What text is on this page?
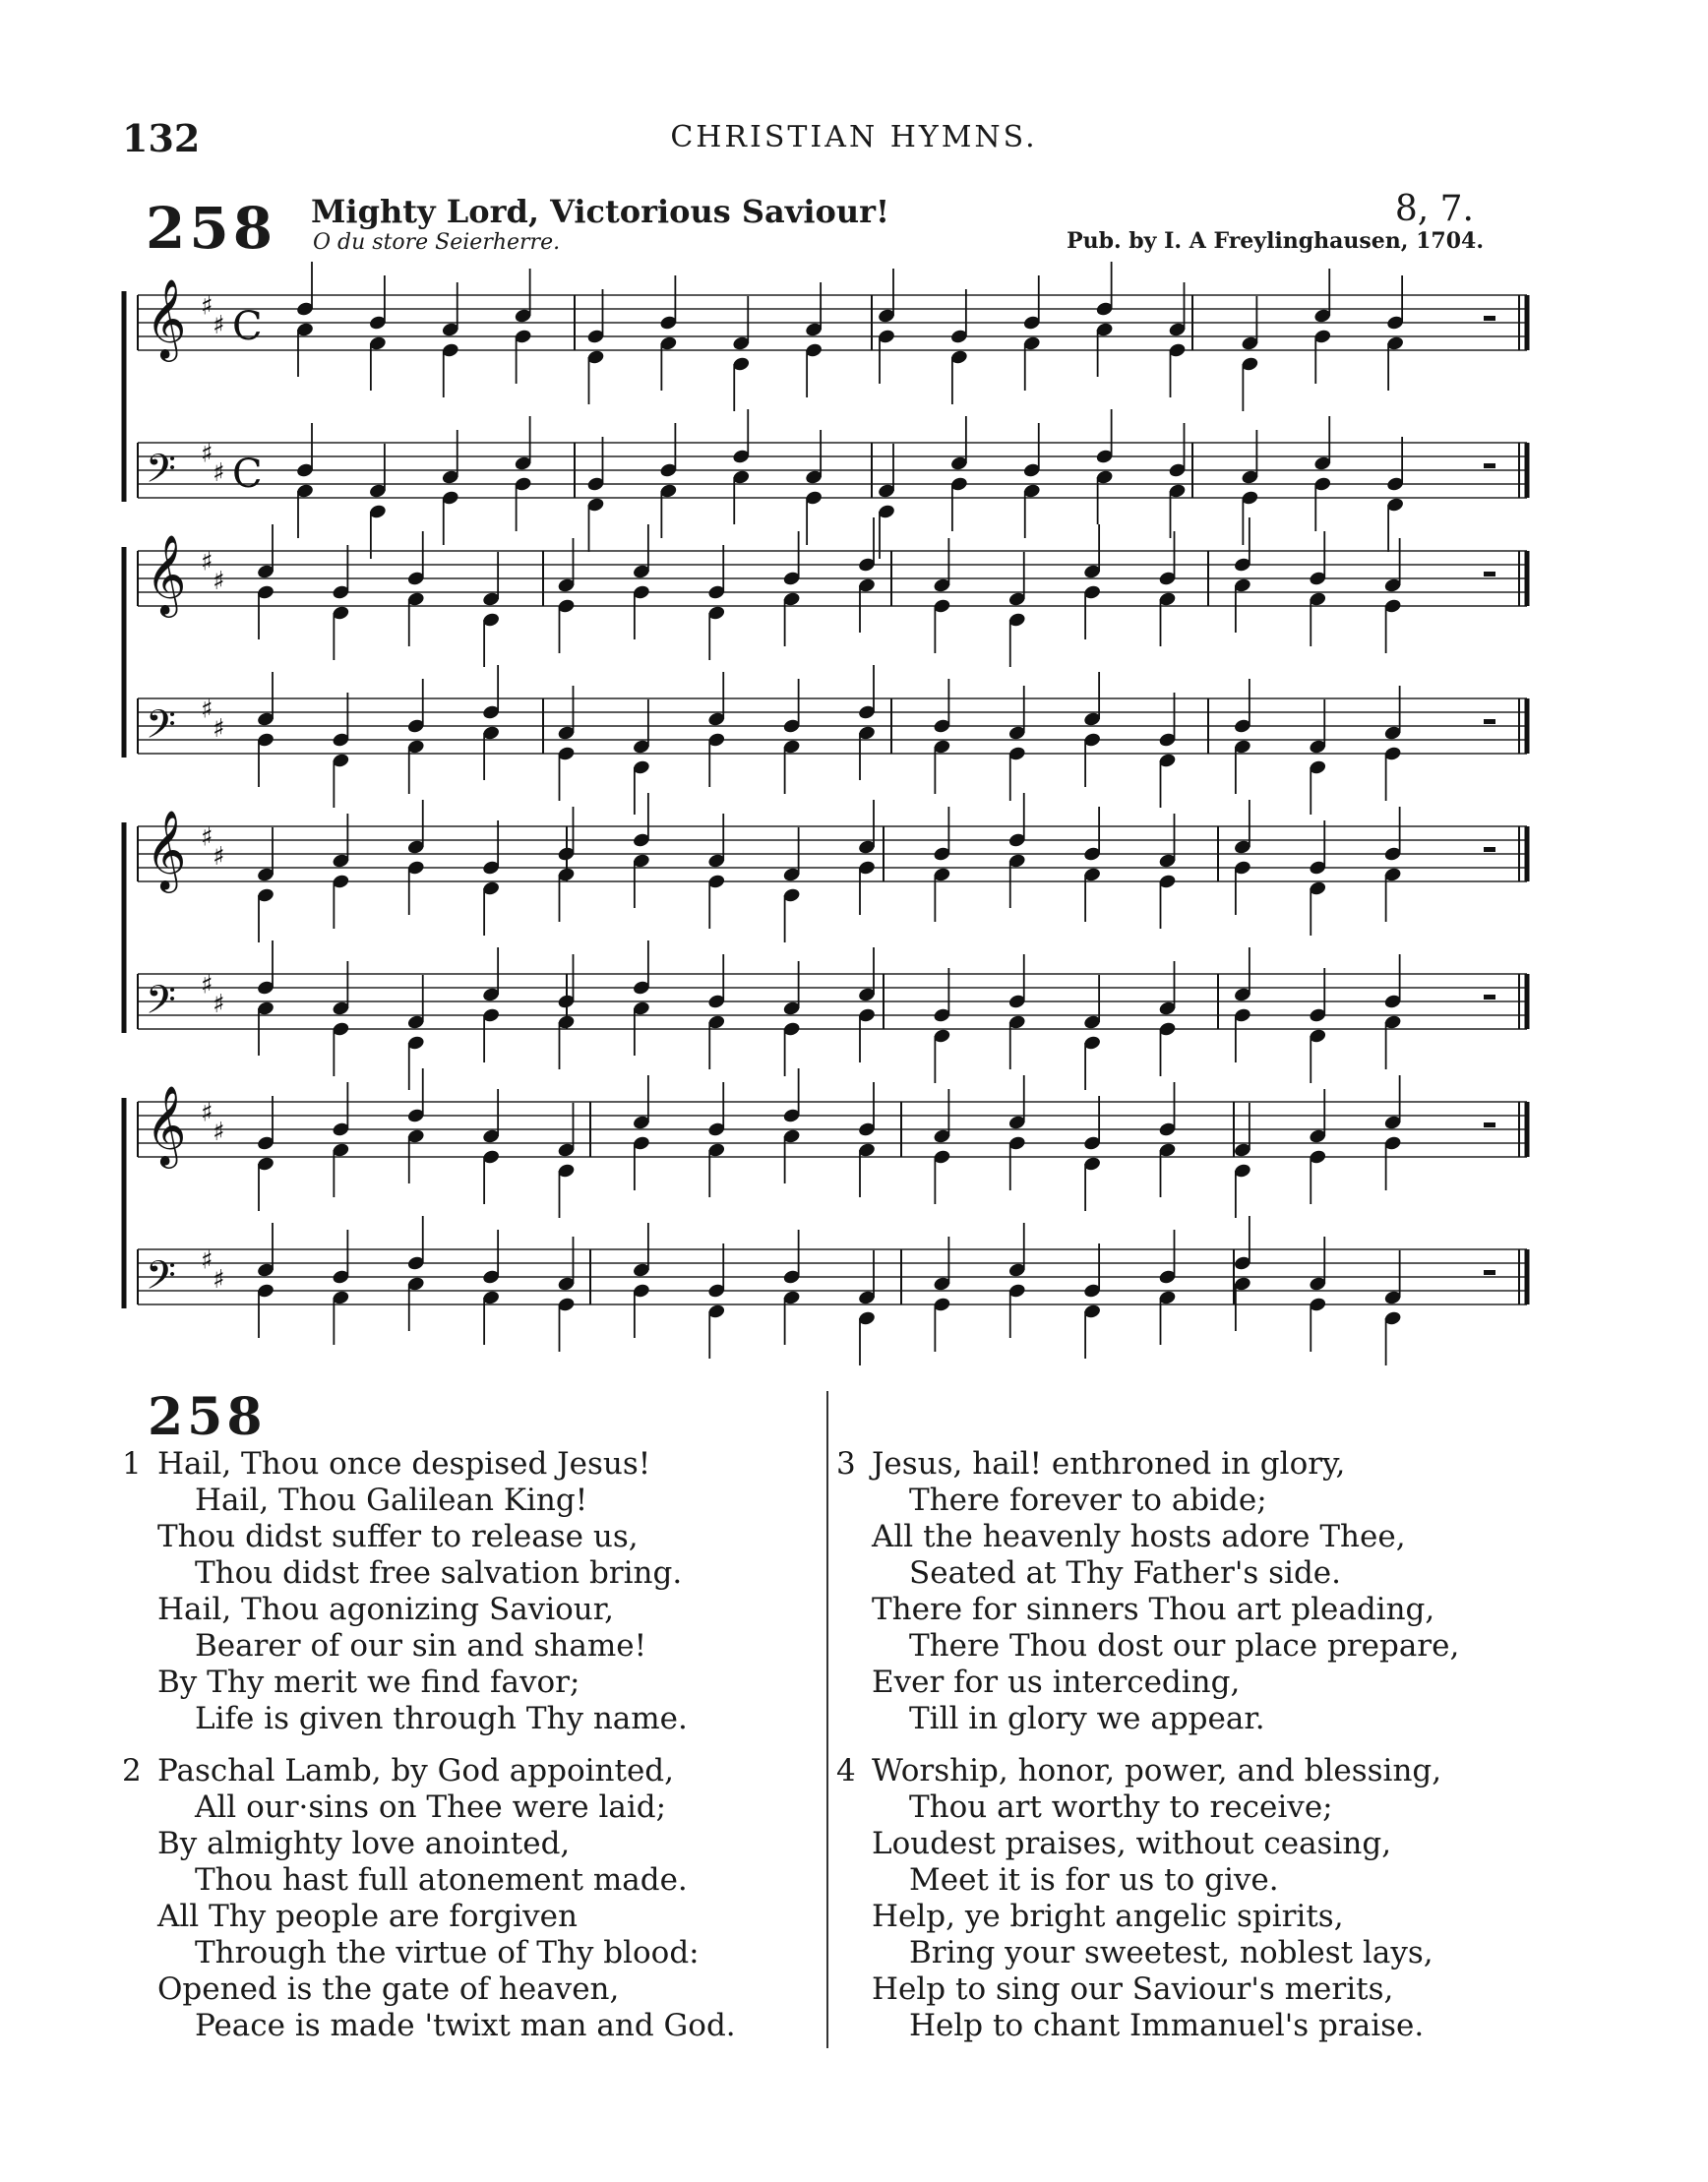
132	CHRISTIAN HYMNS.
258 Mighty Lord, Victorious Saviour!
O du store Seierherre.
8, 7.
Pub. by I. A Freylinghausen, 1704.
𝄞 ♯
♯ C
𝄢 ♯
♯ C
𝄞 ♯
♯
𝄢 ♯
♯
𝄞 ♯
♯
𝄢 ♯
♯
𝄞 ♯
♯
𝄢 ♯
♯
258
1 Hail, Thou once despised Jesus!
Hail, Thou Galilean King!
Thou didst suffer to release us,
Thou didst free salvation bring.
Hail, Thou agonizing Saviour,
Bearer of our sin and shame!
By Thy merit we find favor;
Life is given through Thy name.
2 Paschal Lamb, by God appointed,
All our·sins on Thee were laid;
By almighty love anointed,
Thou hast full atonement made.
All Thy people are forgiven
Through the virtue of Thy blood:
Opened is the gate of heaven,
Peace is made 'twixt man and God.
3 Jesus, hail! enthroned in glory,
There forever to abide;
All the heavenly hosts adore Thee,
Seated at Thy Father's side.
There for sinners Thou art pleading,
There Thou dost our place prepare,
Ever for us interceding,
Till in glory we appear.
4 Worship, honor, power, and blessing,
Thou art worthy to receive;
Loudest praises, without ceasing,
Meet it is for us to give.
Help, ye bright angelic spirits,
Bring your sweetest, noblest lays,
Help to sing our Saviour's merits,
Help to chant Immanuel's praise.
